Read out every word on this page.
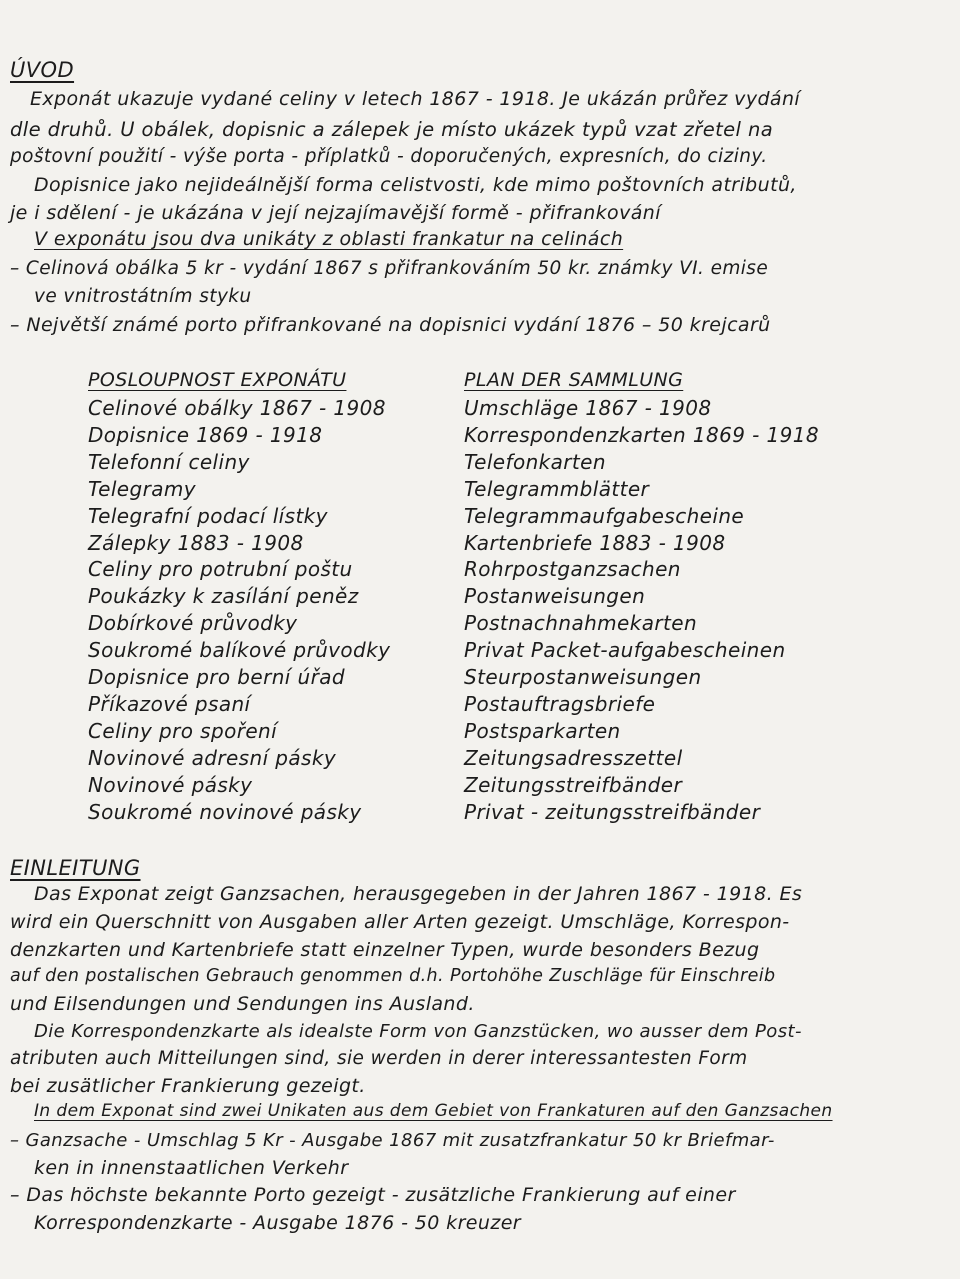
ÚVOD
Exponát ukazuje vydané celiny v letech 1867 - 1918. Je ukázán průřez vydání
dle druhů. U obálek, dopisnic a zálepek je místo ukázek typů vzat zřetel na
poštovní použití - výše porta - příplatků - doporučených, expresních, do ciziny.
Dopisnice jako nejideálnější forma celistvosti, kde mimo poštovních atributů,
je i sdělení - je ukázána v její nejzajímavější formě - přifrankování
V exponátu jsou dva unikáty z oblasti frankatur na celinách
– Celinová obálka 5 kr - vydání 1867 s přifrankováním 50 kr. známky VI. emise
ve vnitrostátním styku
– Největší známé porto přifrankované na dopisnici vydání 1876 – 50 krejcarů
POSLOUPNOST EXPONÁTU	PLAN DER SAMMLUNG
Celinové obálky 1867 - 1908	Umschläge 1867 - 1908
Dopisnice 1869 - 1918	Korrespondenzkarten 1869 - 1918
Telefonní celiny	Telefonkarten
Telegramy	Telegrammblätter
Telegrafní podací lístky	Telegrammaufgabescheine
Zálepky 1883 - 1908	Kartenbriefe 1883 - 1908
Celiny pro potrubní poštu	Rohrpostganzsachen
Poukázky k zasílání peněz	Postanweisungen
Dobírkové průvodky	Postnachnahmekarten
Soukromé balíkové průvodky	Privat Packet-aufgabescheinen
Dopisnice pro berní úřad	Steurpostanweisungen
Příkazové psaní	Postauftragsbriefe
Celiny pro spoření	Postsparkarten
Novinové adresní pásky	Zeitungsadresszettel
Novinové pásky	Zeitungsstreifbänder
Soukromé novinové pásky	Privat - zeitungsstreifbänder
EINLEITUNG
Das Exponat zeigt Ganzsachen, herausgegeben in der Jahren 1867 - 1918. Es
wird ein Querschnitt von Ausgaben aller Arten gezeigt. Umschläge, Korrespon-
denzkarten und Kartenbriefe statt einzelner Typen, wurde besonders Bezug
auf den postalischen Gebrauch genommen d.h. Portohöhe Zuschläge für Einschreib
und Eilsendungen und Sendungen ins Ausland.
Die Korrespondenzkarte als idealste Form von Ganzstücken, wo ausser dem Post-
atributen auch Mitteilungen sind, sie werden in derer interessantesten Form
bei zusätlicher Frankierung gezeigt.
In dem Exponat sind zwei Unikaten aus dem Gebiet von Frankaturen auf den Ganzsachen
– Ganzsache - Umschlag 5 Kr - Ausgabe 1867 mit zusatzfrankatur 50 kr Briefmar-
ken in innenstaatlichen Verkehr
– Das höchste bekannte Porto gezeigt - zusätzliche Frankierung auf einer
Korrespondenzkarte - Ausgabe 1876 - 50 kreuzer
